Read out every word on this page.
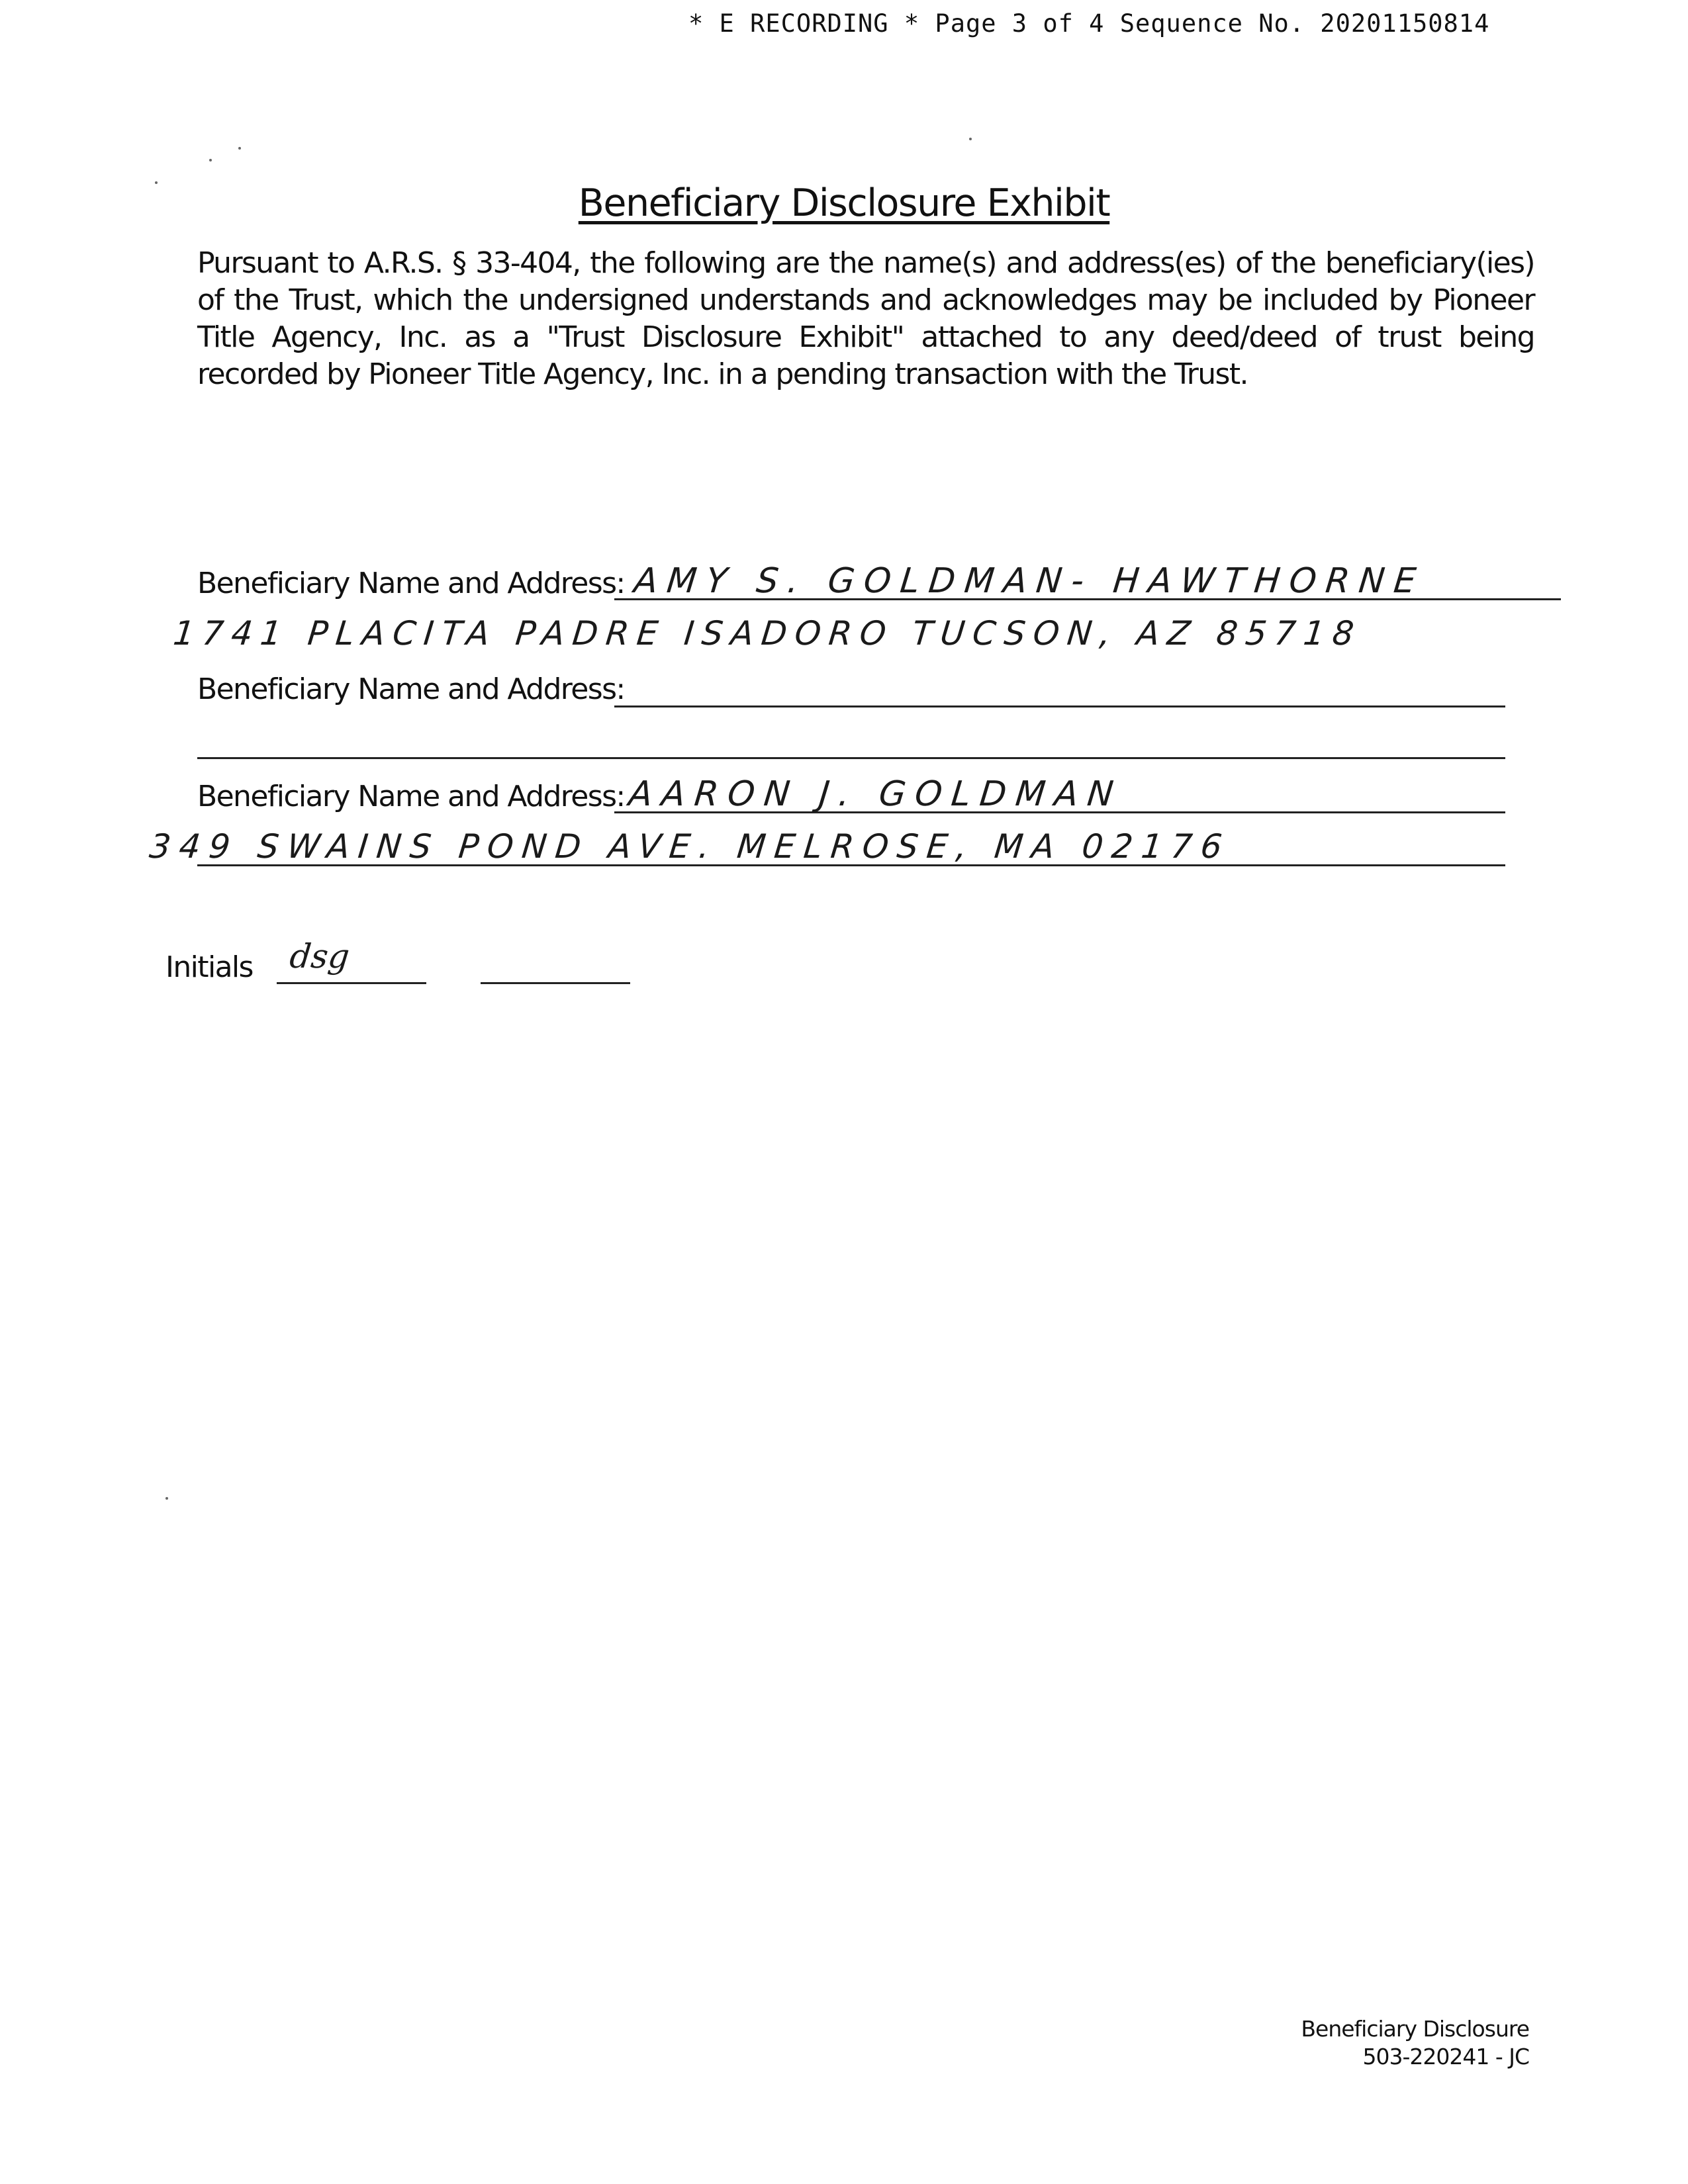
* E RECORDING * Page 3 of 4 Sequence No. 20201150814
Beneficiary Disclosure Exhibit
Pursuant to A.R.S. § 33-404, the following are the name(s) and address(es) of the beneficiary(ies) of the Trust, which the undersigned understands and acknowledges may be included by Pioneer Title Agency, Inc. as a "Trust Disclosure Exhibit" attached to any deed/deed of trust being recorded by Pioneer Title Agency, Inc. in a pending transaction with the Trust.
Beneficiary Name and Address: AMY S. GOLDMAN- HAWTHORNE
1741 PLACITA PADRE ISADORO TUCSON, AZ 85718
Beneficiary Name and Address:
Beneficiary Name and Address: AARON J. GOLDMAN
349 SWAINS POND AVE. MELROSE, MA 02176
Initials dsg
Beneficiary Disclosure
503-220241 - JC
